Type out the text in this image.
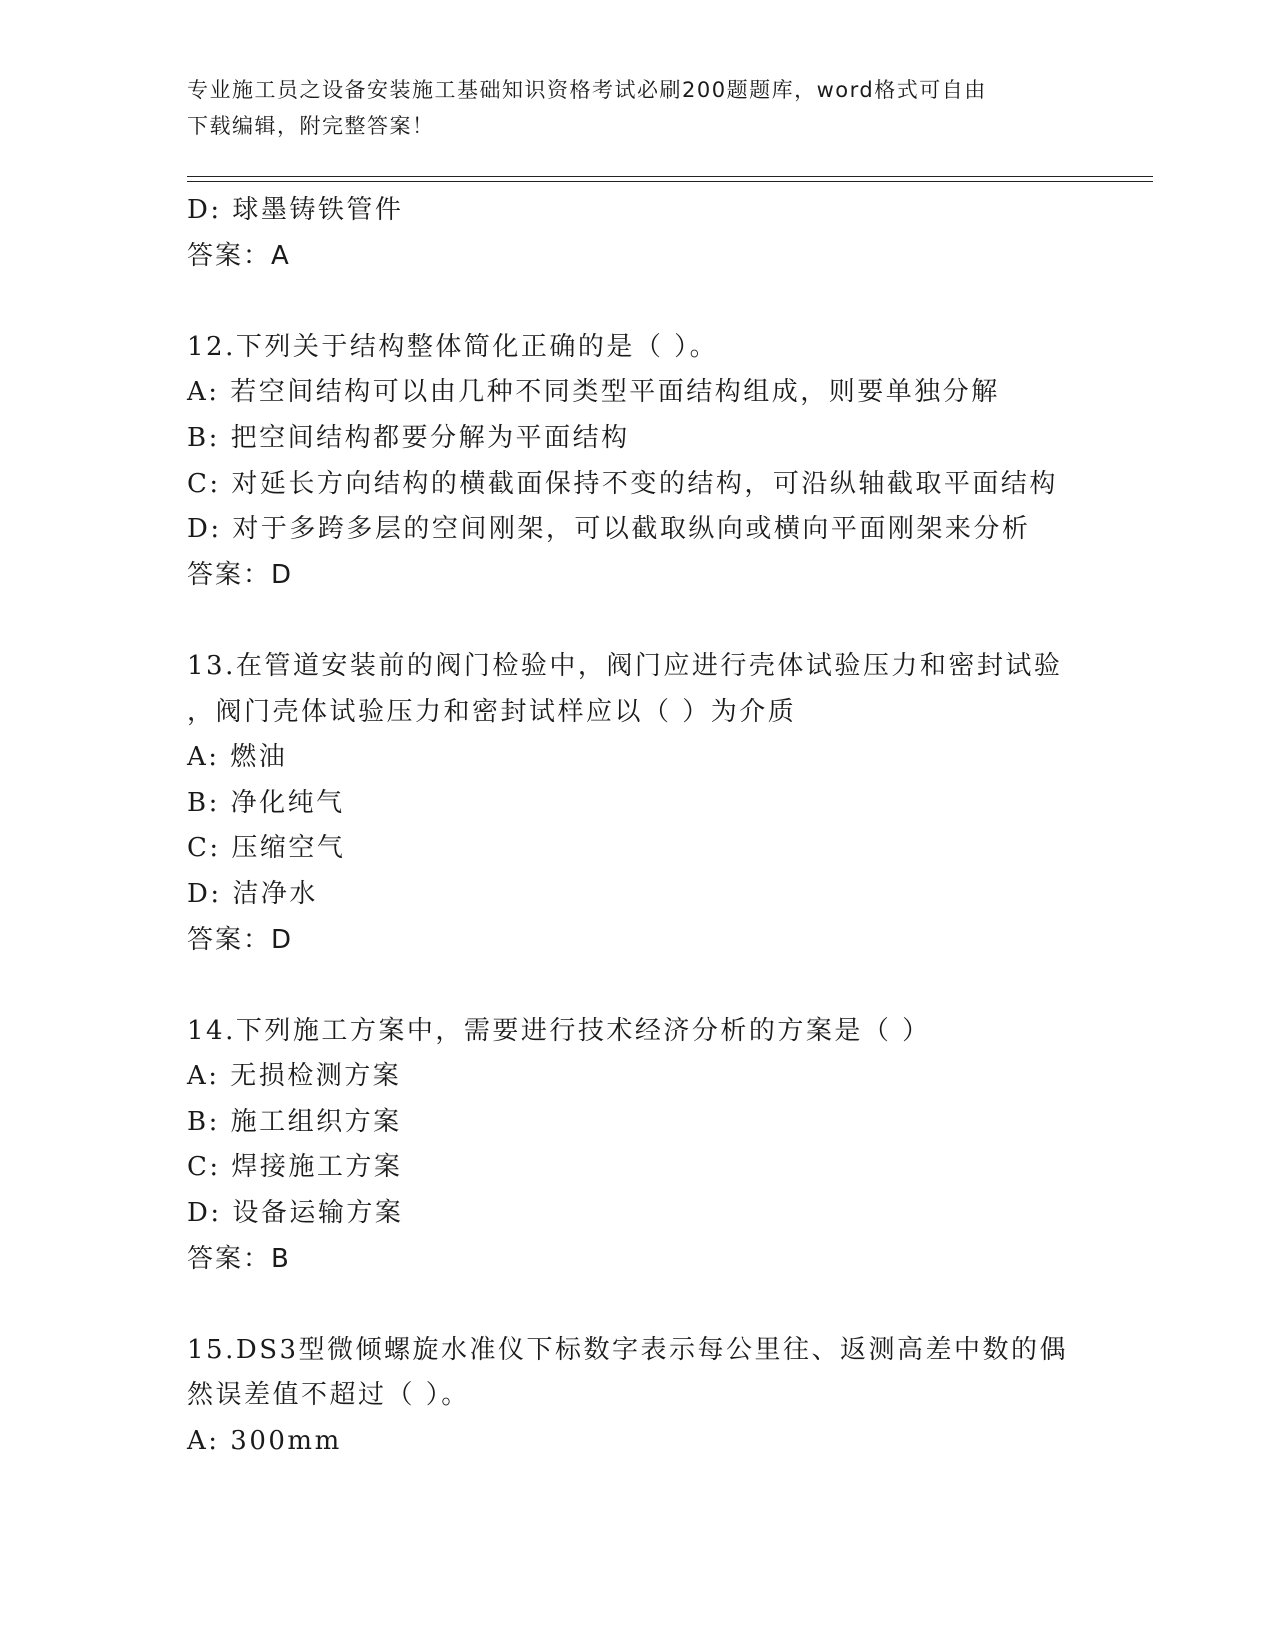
专业施工员之设备安装施工基础知识资格考试必刷200题题库，word格式可自由
下载编辑，附完整答案！
D: 球墨铸铁管件
答案：A
12.下列关于结构整体简化正确的是（ ）。
A: 若空间结构可以由几种不同类型平面结构组成，则要单独分解
B: 把空间结构都要分解为平面结构
C: 对延长方向结构的横截面保持不变的结构，可沿纵轴截取平面结构
D: 对于多跨多层的空间刚架，可以截取纵向或横向平面刚架来分析
答案：D
13.在管道安装前的阀门检验中，阀门应进行壳体试验压力和密封试验
，阀门壳体试验压力和密封试样应以（ ）为介质
A: 燃油
B: 净化纯气
C: 压缩空气
D: 洁净水
答案：D
14.下列施工方案中，需要进行技术经济分析的方案是（ ）
A: 无损检测方案
B: 施工组织方案
C: 焊接施工方案
D: 设备运输方案
答案：B
15.DS3型微倾螺旋水准仪下标数字表示每公里往、返测高差中数的偶
然误差值不超过（ ）。
A: 300mm
